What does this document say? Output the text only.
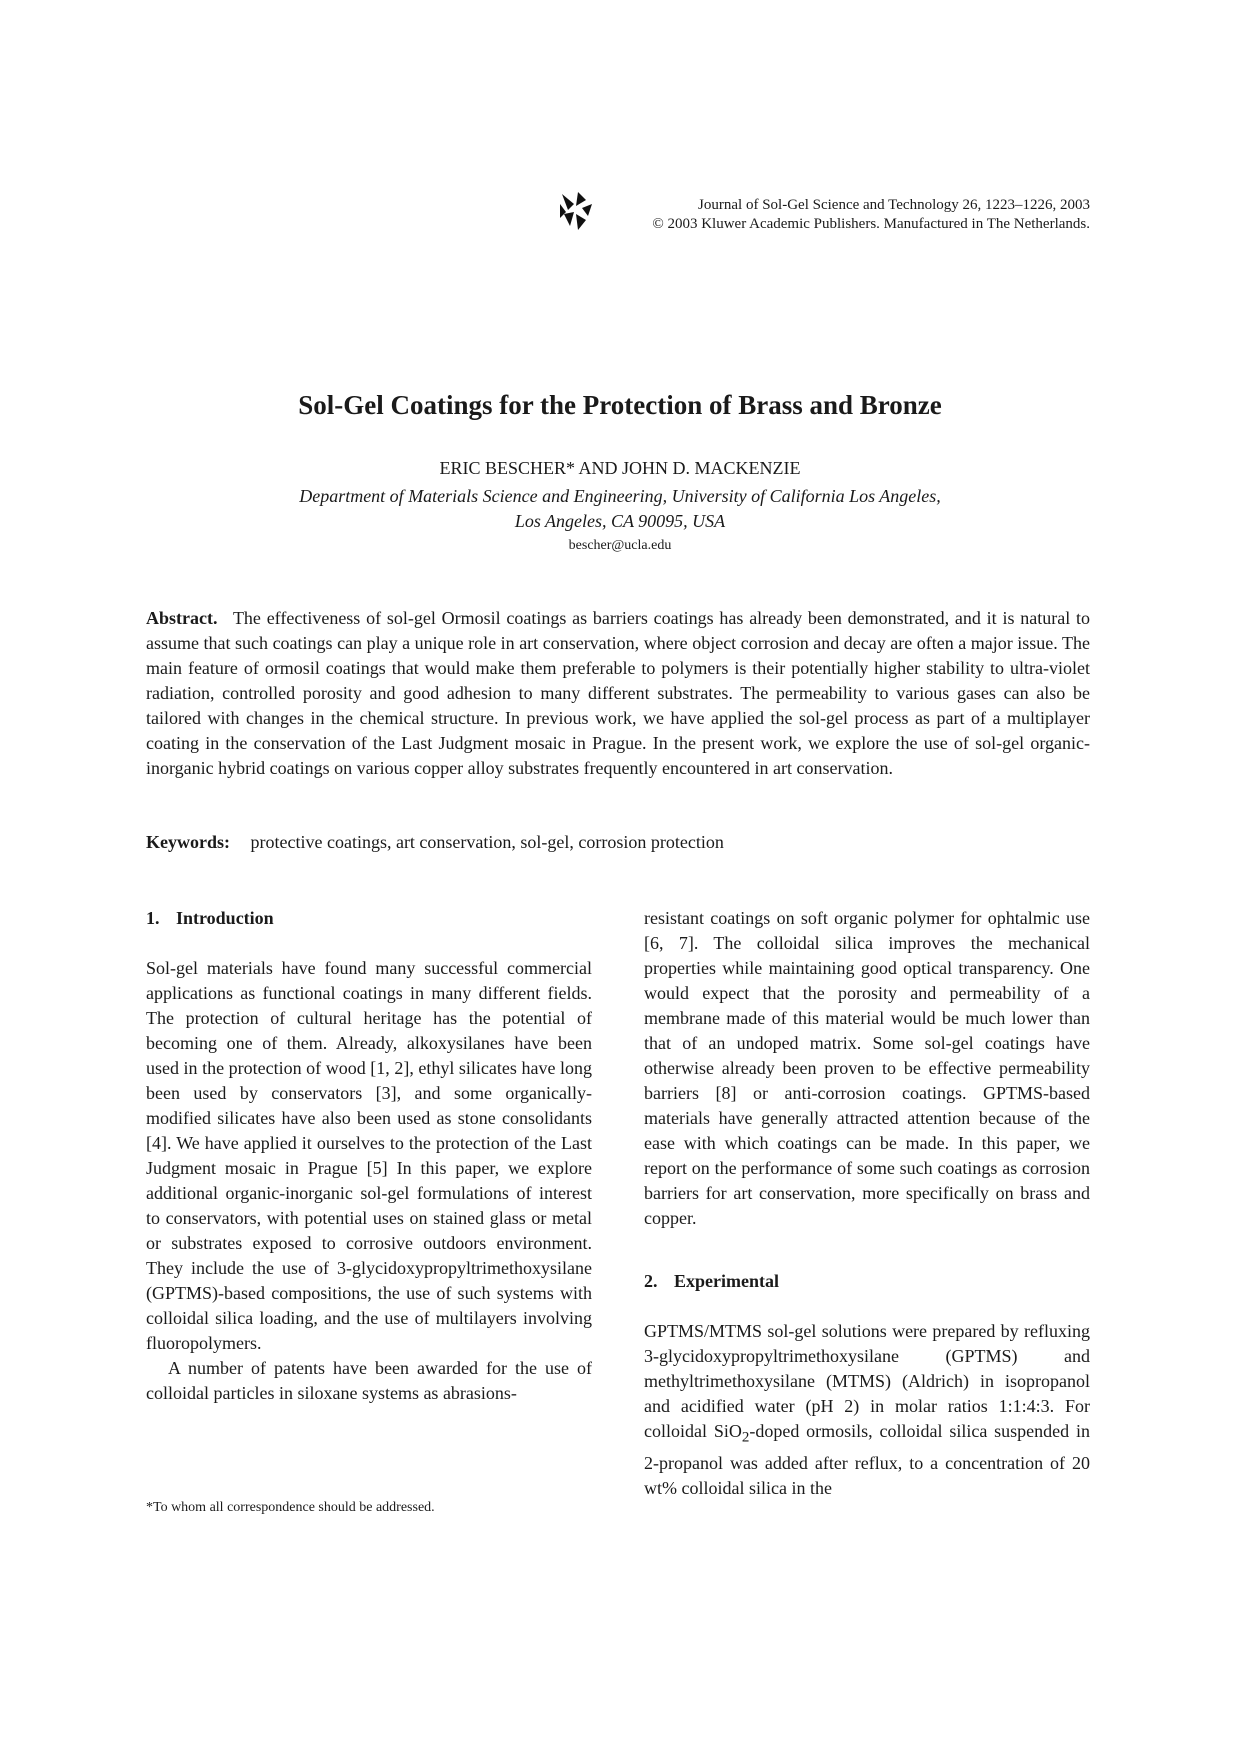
Journal of Sol-Gel Science and Technology 26, 1223–1226, 2003
© 2003 Kluwer Academic Publishers. Manufactured in The Netherlands.
Sol-Gel Coatings for the Protection of Brass and Bronze
ERIC BESCHER* AND JOHN D. MACKENZIE
Department of Materials Science and Engineering, University of California Los Angeles,
Los Angeles, CA 90095, USA
bescher@ucla.edu

Abstract. The effectiveness of sol-gel Ormosil coatings as barriers coatings has already been demonstrated, and it is natural to assume that such coatings can play a unique role in art conservation, where object corrosion and decay are often a major issue. The main feature of ormosil coatings that would make them preferable to polymers is their potentially higher stability to ultra-violet radiation, controlled porosity and good adhesion to many different substrates. The permeability to various gases can also be tailored with changes in the chemical structure. In previous work, we have applied the sol-gel process as part of a multiplayer coating in the conservation of the Last Judgment mosaic in Prague. In the present work, we explore the use of sol-gel organic-inorganic hybrid coatings on various copper alloy substrates frequently encountered in art conservation.

Keywords: protective coatings, art conservation, sol-gel, corrosion protection
1. Introduction

Sol-gel materials have found many successful commercial applications as functional coatings in many different fields. The protection of cultural heritage has the potential of becoming one of them. Already, alkoxysilanes have been used in the protection of wood [1, 2], ethyl silicates have long been used by conservators [3], and some organically-modified silicates have also been used as stone consolidants [4]. We have applied it ourselves to the protection of the Last Judgment mosaic in Prague [5] In this paper, we explore additional organic-inorganic sol-gel formulations of interest to conservators, with potential uses on stained glass or metal or substrates exposed to corrosive outdoors environment. They include the use of 3-glycidoxypropyltrimethoxysilane (GPTMS)-based compositions, the use of such systems with colloidal silica loading, and the use of multilayers involving fluoropolymers.

A number of patents have been awarded for the use of colloidal particles in siloxane systems as abrasions-

resistant coatings on soft organic polymer for ophtalmic use [6, 7]. The colloidal silica improves the mechanical properties while maintaining good optical transparency. One would expect that the porosity and permeability of a membrane made of this material would be much lower than that of an undoped matrix. Some sol-gel coatings have otherwise already been proven to be effective permeability barriers [8] or anti-corrosion coatings. GPTMS-based materials have generally attracted attention because of the ease with which coatings can be made. In this paper, we report on the performance of some such coatings as corrosion barriers for art conservation, more specifically on brass and copper.

2. Experimental

GPTMS/MTMS sol-gel solutions were prepared by refluxing 3-glycidoxypropyltrimethoxysilane (GPTMS) and methyltrimethoxysilane (MTMS) (Aldrich) in isopropanol and acidified water (pH 2) in molar ratios 1:1:4:3. For colloidal SiO$_2$-doped ormosils, colloidal silica suspended in 2-propanol was added after reflux, to a concentration of 20 wt% colloidal silica in the

*To whom all correspondence should be addressed.
